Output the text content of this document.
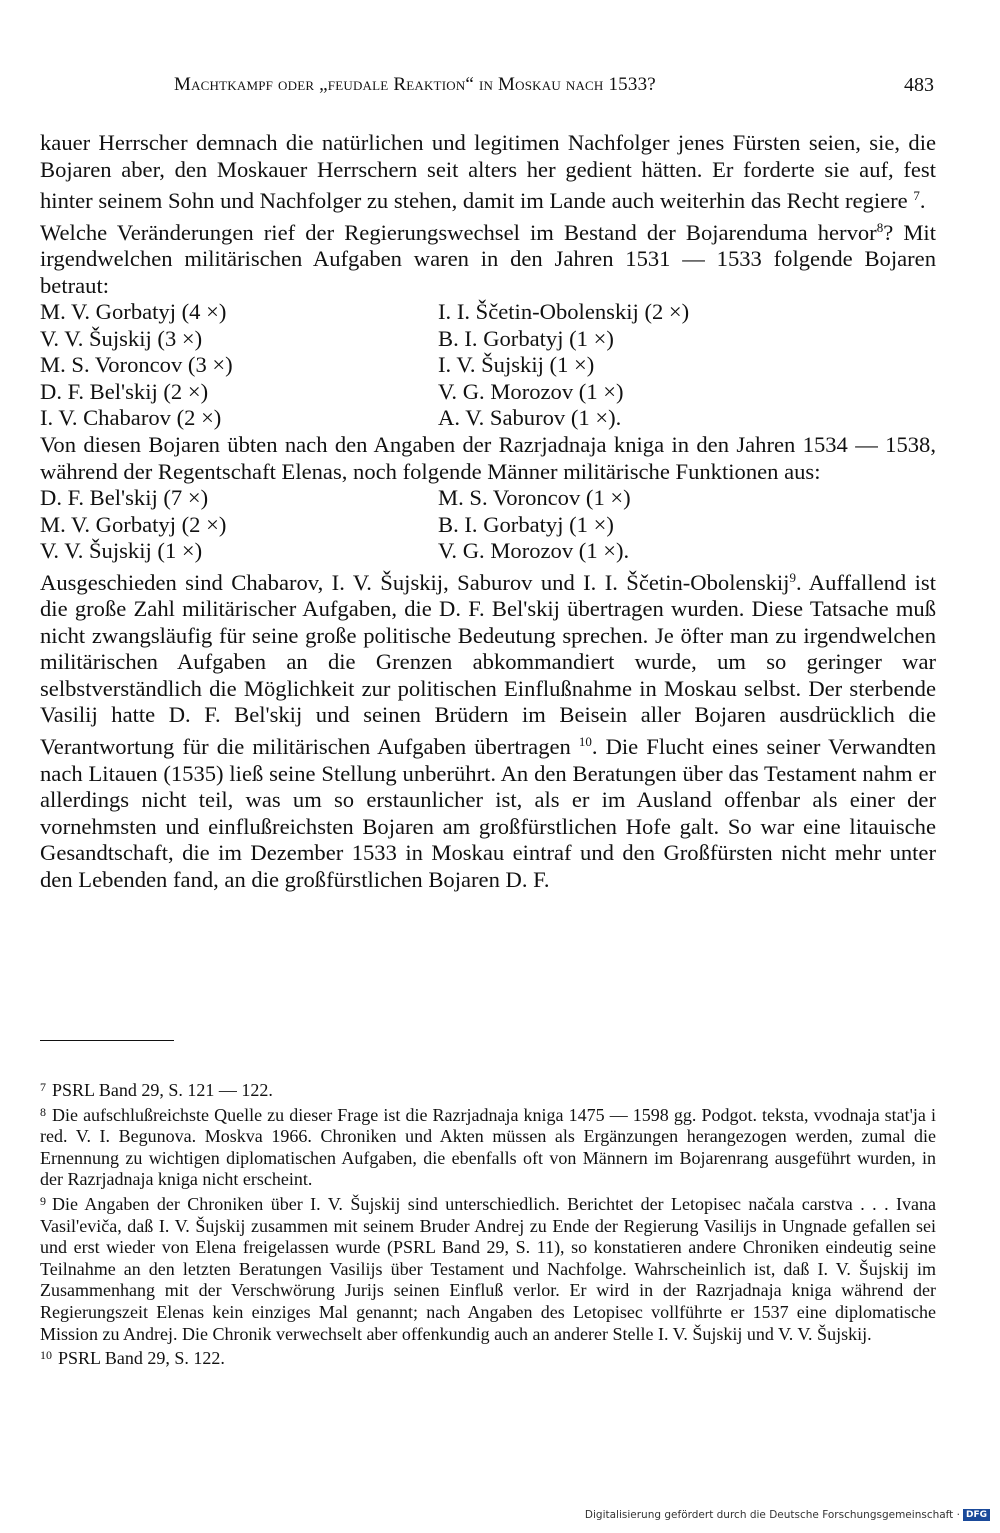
Machtkampf oder „feudale Reaktion“ in Moskau nach 1533?	483

kauer Herrscher demnach die natürlichen und legitimen Nachfolger jenes Fürsten seien, sie, die Bojaren aber, den Moskauer Herrschern seit alters her gedient hätten. Er forderte sie auf, fest hinter seinem Sohn und Nachfolger zu stehen, damit im Lande auch weiterhin das Recht regiere $^7$.

Welche Veränderungen rief der Regierungswechsel im Bestand der Bojarenduma hervor$^8$? Mit irgendwelchen militärischen Aufgaben waren in den Jahren 1531 — 1533 folgende Bojaren betraut:

M. V. Gorbatyj (4 ×)	I. I. Ščetin-Obolenskij (2 ×)
V. V. Šujskij (3 ×)	B. I. Gorbatyj (1 ×)
M. S. Voroncov (3 ×)	I. V. Šujskij (1 ×)
D. F. Bel'skij (2 ×)	V. G. Morozov (1 ×)
I. V. Chabarov (2 ×)	A. V. Saburov (1 ×).

Von diesen Bojaren übten nach den Angaben der Razrjadnaja kniga in den Jahren 1534 — 1538, während der Regentschaft Elenas, noch folgende Männer militärische Funktionen aus:

D. F. Bel'skij (7 ×)	M. S. Voroncov (1 ×)
M. V. Gorbatyj (2 ×)	B. I. Gorbatyj (1 ×)
V. V. Šujskij (1 ×)	V. G. Morozov (1 ×).

Ausgeschieden sind Chabarov, I. V. Šujskij, Saburov und I. I. Ščetin-Obolenskij$^9$. Auffallend ist die große Zahl militärischer Aufgaben, die D. F. Bel'skij übertragen wurden. Diese Tatsache muß nicht zwangsläufig für seine große politische Bedeutung sprechen. Je öfter man zu irgendwelchen militärischen Aufgaben an die Grenzen abkommandiert wurde, um so geringer war selbstverständlich die Möglichkeit zur politischen Einflußnahme in Moskau selbst. Der sterbende Vasilij hatte D. F. Bel'skij und seinen Brüdern im Beisein aller Bojaren ausdrücklich die Verantwortung für die militärischen Aufgaben übertragen $^{10}$. Die Flucht eines seiner Verwandten nach Litauen (1535) ließ seine Stellung unberührt. An den Beratungen über das Testament nahm er allerdings nicht teil, was um so erstaunlicher ist, als er im Ausland offenbar als einer der vornehmsten und einflußreichsten Bojaren am großfürstlichen Hofe galt. So war eine litauische Gesandtschaft, die im Dezember 1533 in Moskau eintraf und den Großfürsten nicht mehr unter den Lebenden fand, an die großfürstlichen Bojaren D. F.

$^7$ PSRL Band 29, S. 121 — 122.

$^8$ Die aufschlußreichste Quelle zu dieser Frage ist die Razrjadnaja kniga 1475 — 1598 gg. Podgot. teksta, vvodnaja stat'ja i red. V. I. Begunova. Moskva 1966. Chroniken und Akten müssen als Ergänzungen herangezogen werden, zumal die Ernennung zu wichtigen diplomatischen Aufgaben, die ebenfalls oft von Männern im Bojarenrang ausgeführt wurden, in der Razrjadnaja kniga nicht erscheint.

$^9$ Die Angaben der Chroniken über I. V. Šujskij sind unterschiedlich. Berichtet der Letopisec načala carstva . . . Ivana Vasil'eviča, daß I. V. Šujskij zusammen mit seinem Bruder Andrej zu Ende der Regierung Vasilijs in Ungnade gefallen sei und erst wieder von Elena freigelassen wurde (PSRL Band 29, S. 11), so konstatieren andere Chroniken eindeutig seine Teilnahme an den letzten Beratungen Vasilijs über Testament und Nachfolge. Wahrscheinlich ist, daß I. V. Šujskij im Zusammenhang mit der Verschwörung Jurijs seinen Einfluß verlor. Er wird in der Razrjadnaja kniga während der Regierungszeit Elenas kein einziges Mal genannt; nach Angaben des Letopisec vollführte er 1537 eine diplomatische Mission zu Andrej. Die Chronik verwechselt aber offenkundig auch an anderer Stelle I. V. Šujskij und V. V. Šujskij.

$^{10}$ PSRL Band 29, S. 122.

Digitalisierung gefördert durch die Deutsche Forschungsgemeinschaft · DFG
